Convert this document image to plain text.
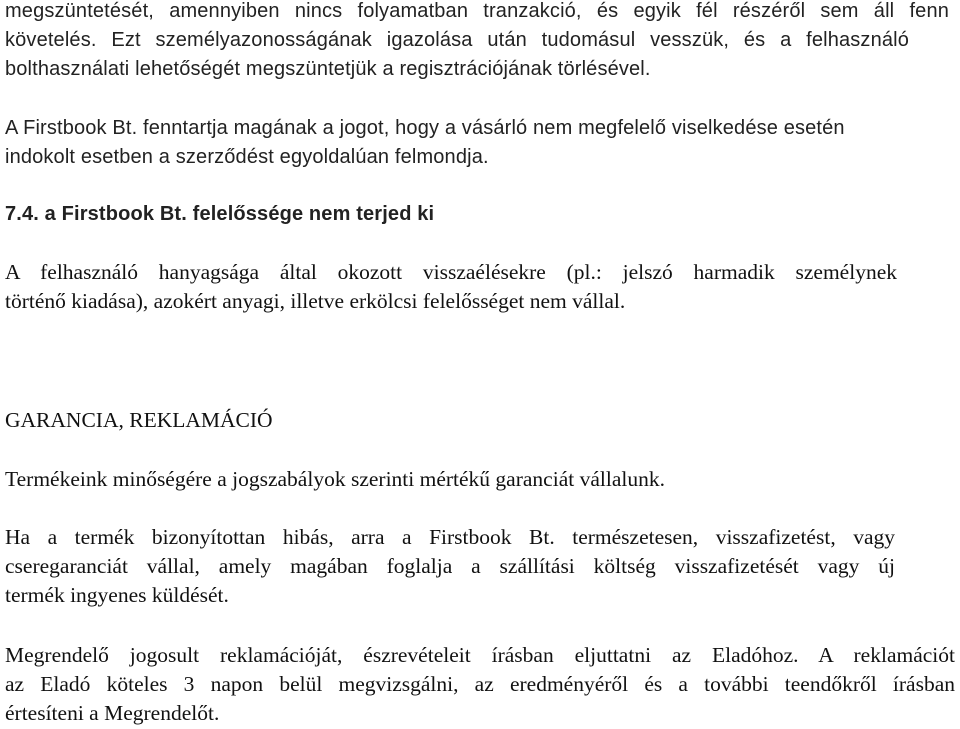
megszüntetését, amennyiben nincs folyamatban tranzakció, és egyik fél részéről sem áll fenn
követelés. Ezt személyazonosságának igazolása után tudomásul vesszük, és a felhasználó
bolthasználati lehetőségét megszüntetjük a regisztrációjának törlésével.
A Firstbook Bt. fenntartja magának a jogot, hogy a vásárló nem megfelelő viselkedése esetén
indokolt esetben a szerződést egyoldalúan felmondja.
7.4. a Firstbook Bt. felelőssége nem terjed ki
A felhasználó hanyagsága által okozott visszaélésekre (pl.: jelszó harmadik személynek
történő kiadása), azokért anyagi, illetve erkölcsi felelősséget nem vállal.
GARANCIA, REKLAMÁCIÓ
Termékeink minőségére a jogszabályok szerinti mértékű garanciát vállalunk.
Ha a termék bizonyítottan hibás, arra a Firstbook Bt. természetesen, visszafizetést, vagy
cseregaranciát vállal, amely magában foglalja a szállítási költség visszafizetését vagy új
termék ingyenes küldését.
Megrendelő jogosult reklamációját, észrevételeit írásban eljuttatni az Eladóhoz. A reklamációt
az Eladó köteles 3 napon belül megvizsgálni, az eredményéről és a további teendőkről írásban
értesíteni a Megrendelőt.
